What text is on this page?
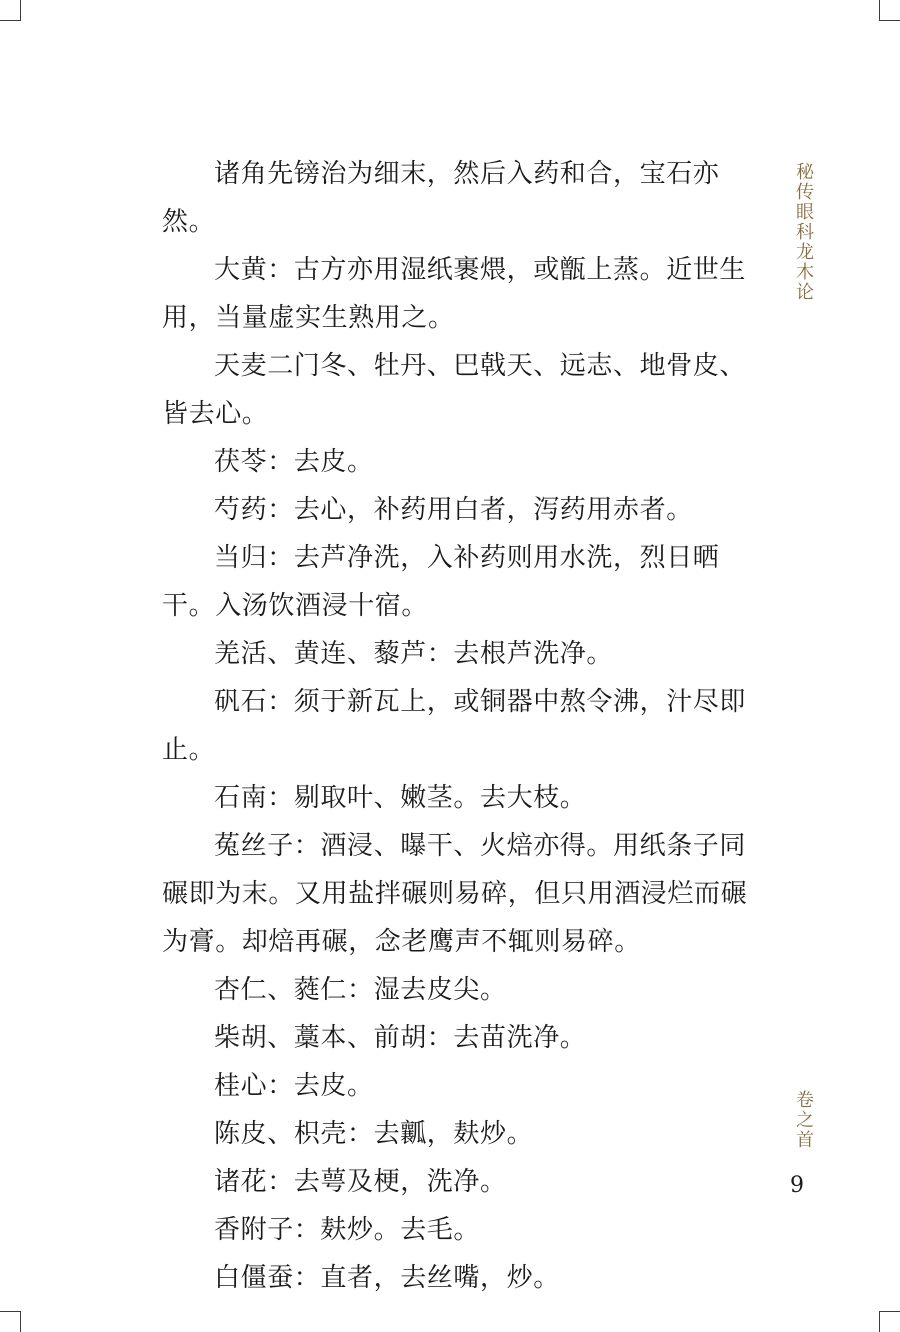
诸角先镑治为细末，然后入药和合，宝石亦然。

大黄：古方亦用湿纸裹煨，或甑上蒸。近世生用，当量虚实生熟用之。

天麦二门冬、牡丹、巴戟天、远志、地骨皮、皆去心。

茯苓：去皮。

芍药：去心，补药用白者，泻药用赤者。

当归：去芦净洗，入补药则用水洗，烈日晒干。入汤饮酒浸十宿。

羌活、黄连、藜芦：去根芦洗净。

矾石：须于新瓦上，或铜器中熬令沸，汁尽即止。

石南：剔取叶、嫩茎。去大枝。

菟丝子：酒浸、曝干、火焙亦得。用纸条子同碾即为末。又用盐拌碾则易碎，但只用酒浸烂而碾为膏。却焙再碾，念老鹰声不辄则易碎。

杏仁、蕤仁：湿去皮尖。

柴胡、藁本、前胡：去苗洗净。

桂心：去皮。

陈皮、枳壳：去瓤，麸炒。

诸花：去萼及梗，洗净。

香附子：麸炒。去毛。

白僵蚕：直者，去丝嘴，炒。

秘传眼科龙木论
卷之首
9
